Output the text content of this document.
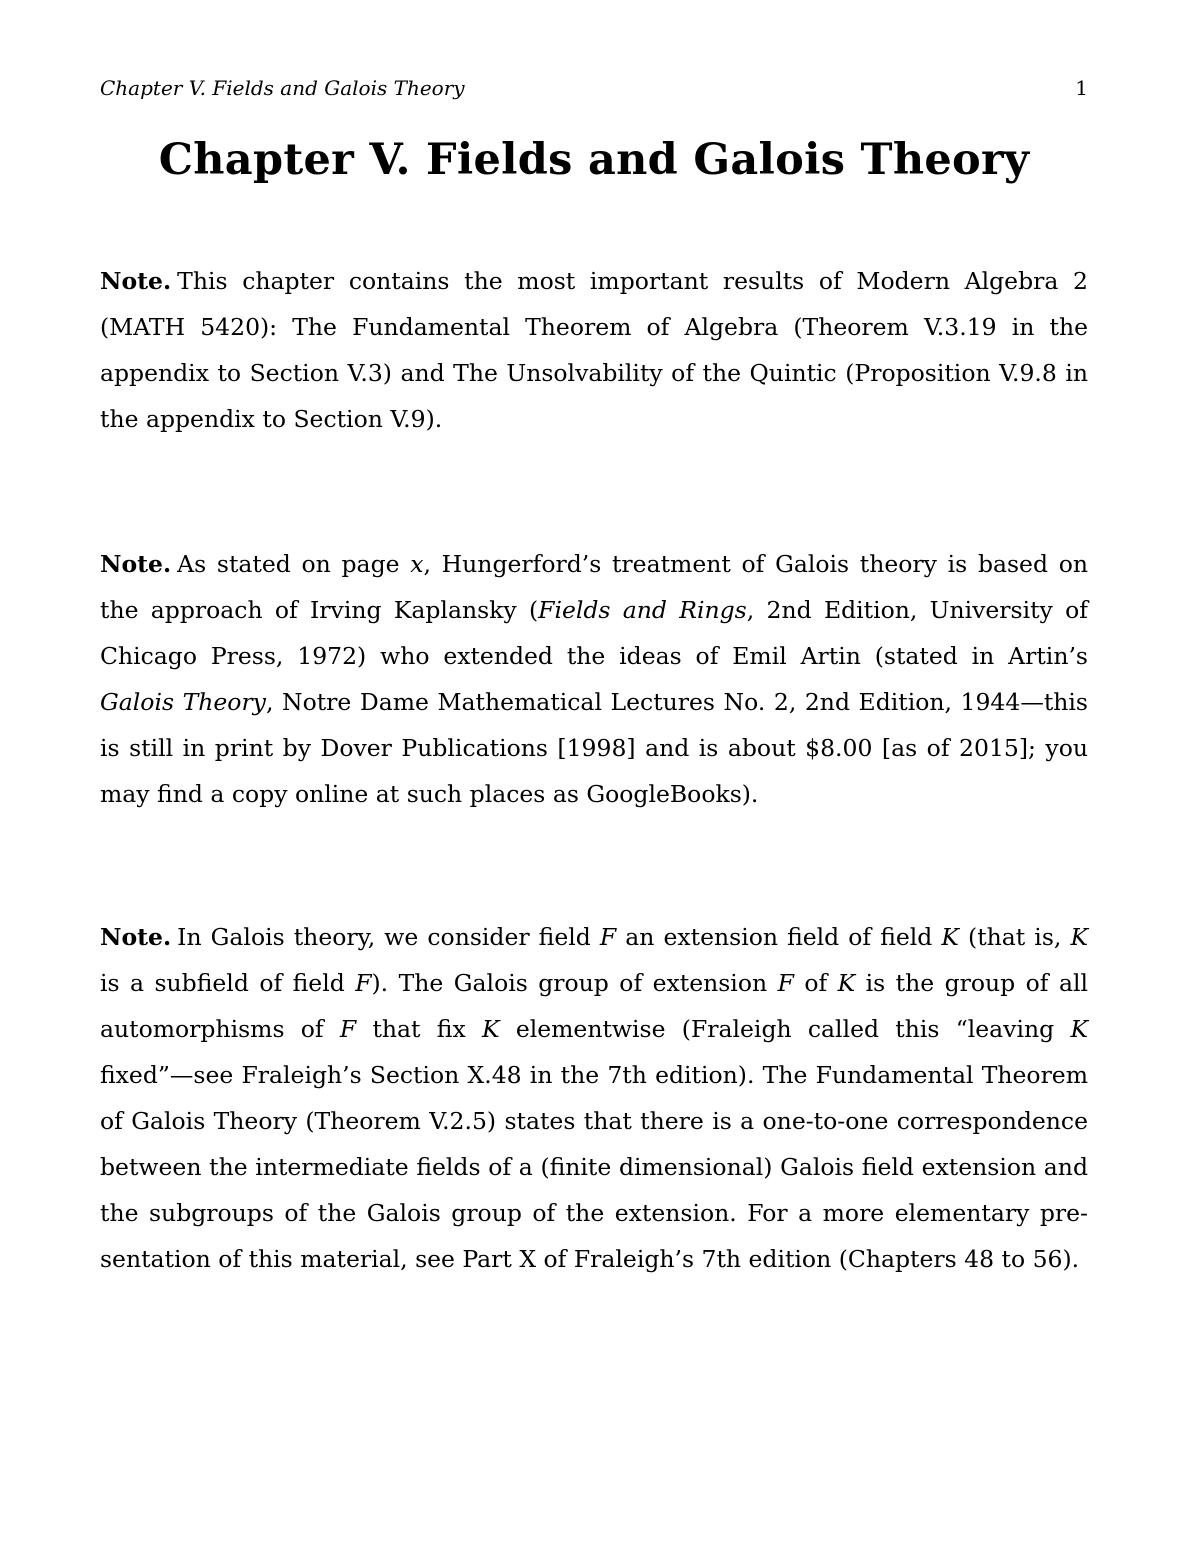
Chapter V. Fields and Galois Theory	1
Chapter V. Fields and Galois Theory

Note. This chapter contains the most important results of Modern Algebra 2 (MATH 5420): The Fundamental Theorem of Algebra (Theorem V.3.19 in the appendix to Section V.3) and The Unsolvability of the Quintic (Proposition V.9.8 in the appendix to Section V.9).

Note. As stated on page x, Hungerford’s treatment of Galois theory is based on the approach of Irving Kaplansky (Fields and Rings, 2nd Edition, University of Chicago Press, 1972) who extended the ideas of Emil Artin (stated in Artin’s Galois Theory, Notre Dame Mathematical Lectures No. 2, 2nd Edition, 1944—this is still in print by Dover Publications [1998] and is about $8.00 [as of 2015]; you may find a copy online at such places as GoogleBooks).

Note. In Galois theory, we consider field F an extension field of field K (that is, K is a subfield of field F). The Galois group of extension F of K is the group of all automorphisms of F that fix K elementwise (Fraleigh called this “leaving K fixed”—see Fraleigh’s Section X.48 in the 7th edition). The Fundamental Theorem of Galois Theory (Theorem V.2.5) states that there is a one-to-one correspondence between the intermediate fields of a (finite dimensional) Galois field extension and the subgroups of the Galois group of the extension. For a more elementary presentation of this material, see Part X of Fraleigh’s 7th edition (Chapters 48 to 56).
